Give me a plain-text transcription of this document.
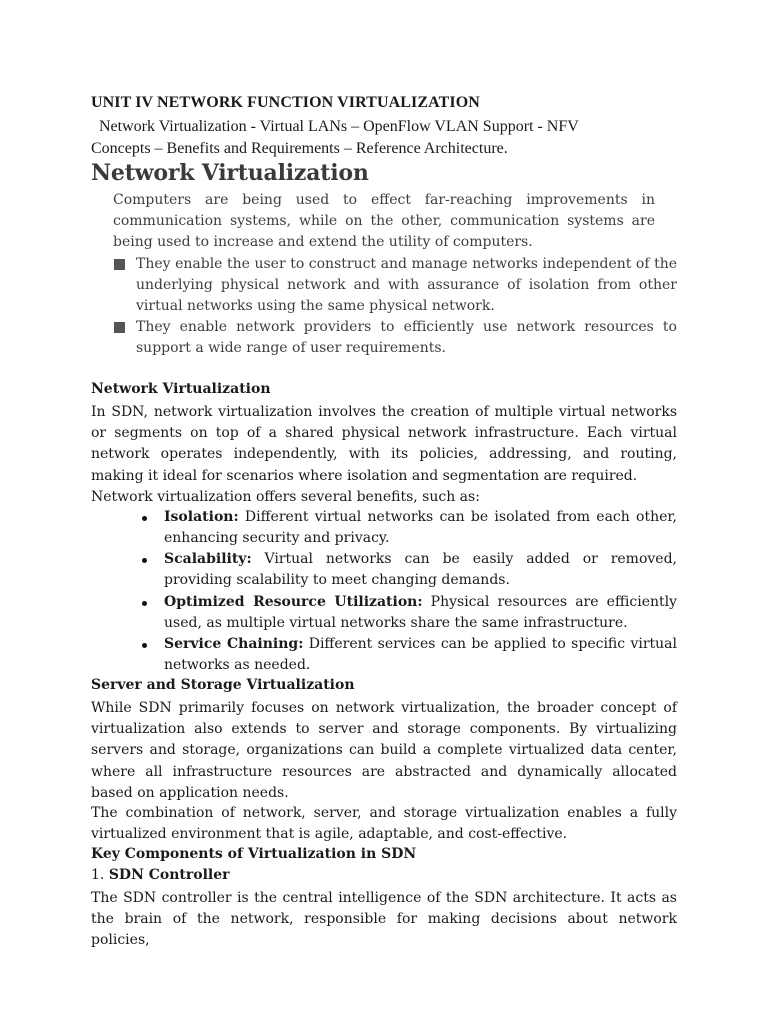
UNIT IV NETWORK FUNCTION VIRTUALIZATION
Network Virtualization - Virtual LANs – OpenFlow VLAN Support - NFV
Concepts – Benefits and Requirements – Reference Architecture.
Network Virtualization
Computers are being used to effect far-reaching improvements in communication systems, while on the other, communication systems are being used to increase and extend the utility of computers.
They enable the user to construct and manage networks independent of the underlying physical network and with assurance of isolation from other virtual networks using the same physical network.
They enable network providers to efficiently use network resources to support a wide range of user requirements.
Network Virtualization
In SDN, network virtualization involves the creation of multiple virtual networks or segments on top of a shared physical network infrastructure. Each virtual network operates independently, with its policies, addressing, and routing, making it ideal for scenarios where isolation and segmentation are required.
Network virtualization offers several benefits, such as:
Isolation: Different virtual networks can be isolated from each other, enhancing security and privacy.
Scalability: Virtual networks can be easily added or removed, providing scalability to meet changing demands.
Optimized Resource Utilization: Physical resources are efficiently used, as multiple virtual networks share the same infrastructure.
Service Chaining: Different services can be applied to specific virtual networks as needed.
Server and Storage Virtualization
While SDN primarily focuses on network virtualization, the broader concept of virtualization also extends to server and storage components. By virtualizing servers and storage, organizations can build a complete virtualized data center, where all infrastructure resources are abstracted and dynamically allocated based on application needs.
The combination of network, server, and storage virtualization enables a fully virtualized environment that is agile, adaptable, and cost-effective.
Key Components of Virtualization in SDN
1. SDN Controller
The SDN controller is the central intelligence of the SDN architecture. It acts as the brain of the network, responsible for making decisions about network policies,
